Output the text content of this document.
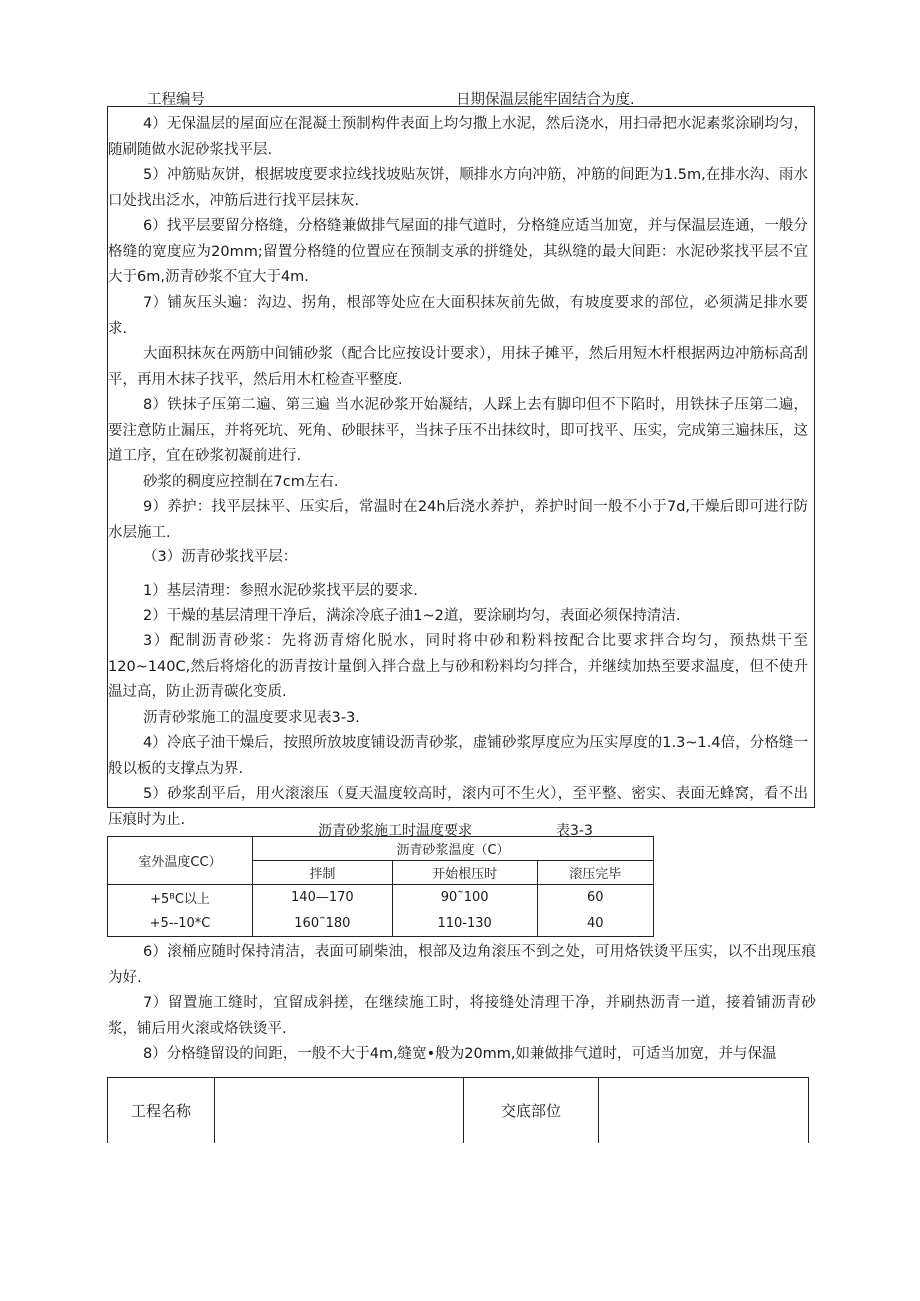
工程编号	日期保温层能牢固结合为度.

4）无保温层的屋面应在混凝土预制构件表面上均匀撒上水泥，然后浇水，用扫帚把水泥素浆涂刷均匀，随刷随做水泥砂浆找平层.

5）冲筋贴灰饼，根据坡度要求拉线找坡贴灰饼，顺排水方向冲筋，冲筋的间距为1.5m,在排水沟、雨水口处找出泛水，冲筋后进行找平层抹灰.

6）找平层要留分格缝，分格缝兼做排气屋面的排气道时，分格缝应适当加宽，并与保温层连通，一般分格缝的宽度应为20mm;留置分格缝的位置应在预制支承的拼缝处，其纵缝的最大间距：水泥砂浆找平层不宜大于6m,沥青砂浆不宜大于4m.

7）铺灰压头遍：沟边、拐角，根部等处应在大面积抹灰前先做，有坡度要求的部位，必须满足排水要求.

大面积抹灰在两筋中间铺砂浆（配合比应按设计要求），用抹子摊平，然后用短木杆根据两边冲筋标高刮平，再用木抹子找平，然后用木杠检查平整度.

8）铁抹子压第二遍、第三遍 当水泥砂浆开始凝结，人踩上去有脚印但不下陷时，用铁抹子压第二遍，要注意防止漏压，并将死坑、死角、砂眼抹平，当抹子压不出抹纹时，即可找平、压实，完成第三遍抹压，这道工序，宜在砂浆初凝前进行.

砂浆的稠度应控制在7cm左右.

9）养护：找平层抹平、压实后，常温时在24h后浇水养护，养护时间一般不小于7d,干燥后即可进行防水层施工.

（3）沥青砂浆找平层：

1）基层清理：参照水泥砂浆找平层的要求.

2）干燥的基层清理干净后，满涂冷底子油1~2道，要涂刷均匀，表面必须保持清洁.

3）配制沥青砂浆：先将沥青熔化脱水，同时将中砂和粉料按配合比要求拌合均匀，预热烘干至120~140C,然后将熔化的沥青按计量倒入拌合盘上与砂和粉料均匀拌合，并继续加热至要求温度，但不使升温过高，防止沥青碳化变质.

沥青砂浆施工的温度要求见表3-3.

4）冷底子油干燥后，按照所放坡度铺设沥青砂浆，虚铺砂浆厚度应为压实厚度的1.3~1.4倍，分格缝一般以板的支撑点为界.

5）砂浆刮平后，用火滚滚压（夏天温度较高时，滚内可不生火），至平整、密实、表面无蜂窝，看不出压痕时为止.

沥青砂浆施工时温度要求	表3-3
室外温度CC）	沥青砂浆温度（C）		
	拌制	开始根压时	滚压完毕
+5ᴮC以上	140—170	90˜100	60
+5--10*C	160˜180	110-130	40

6）滚桶应随时保持清洁，表面可刷柴油，根部及边角滚压不到之处，可用烙铁烫平压实，以不出现压痕为好.

7）留置施工缝时，宜留成斜搓，在继续施工时，将接缝处清理干净，并刷热沥青一道，接着铺沥青砂浆，铺后用火滚或烙铁烫平.

8）分格缝留设的间距，一般不大于4m,缝宽•般为20mm,如兼做排气道时，可适当加宽，并与保温

工程名称		交底部位	
